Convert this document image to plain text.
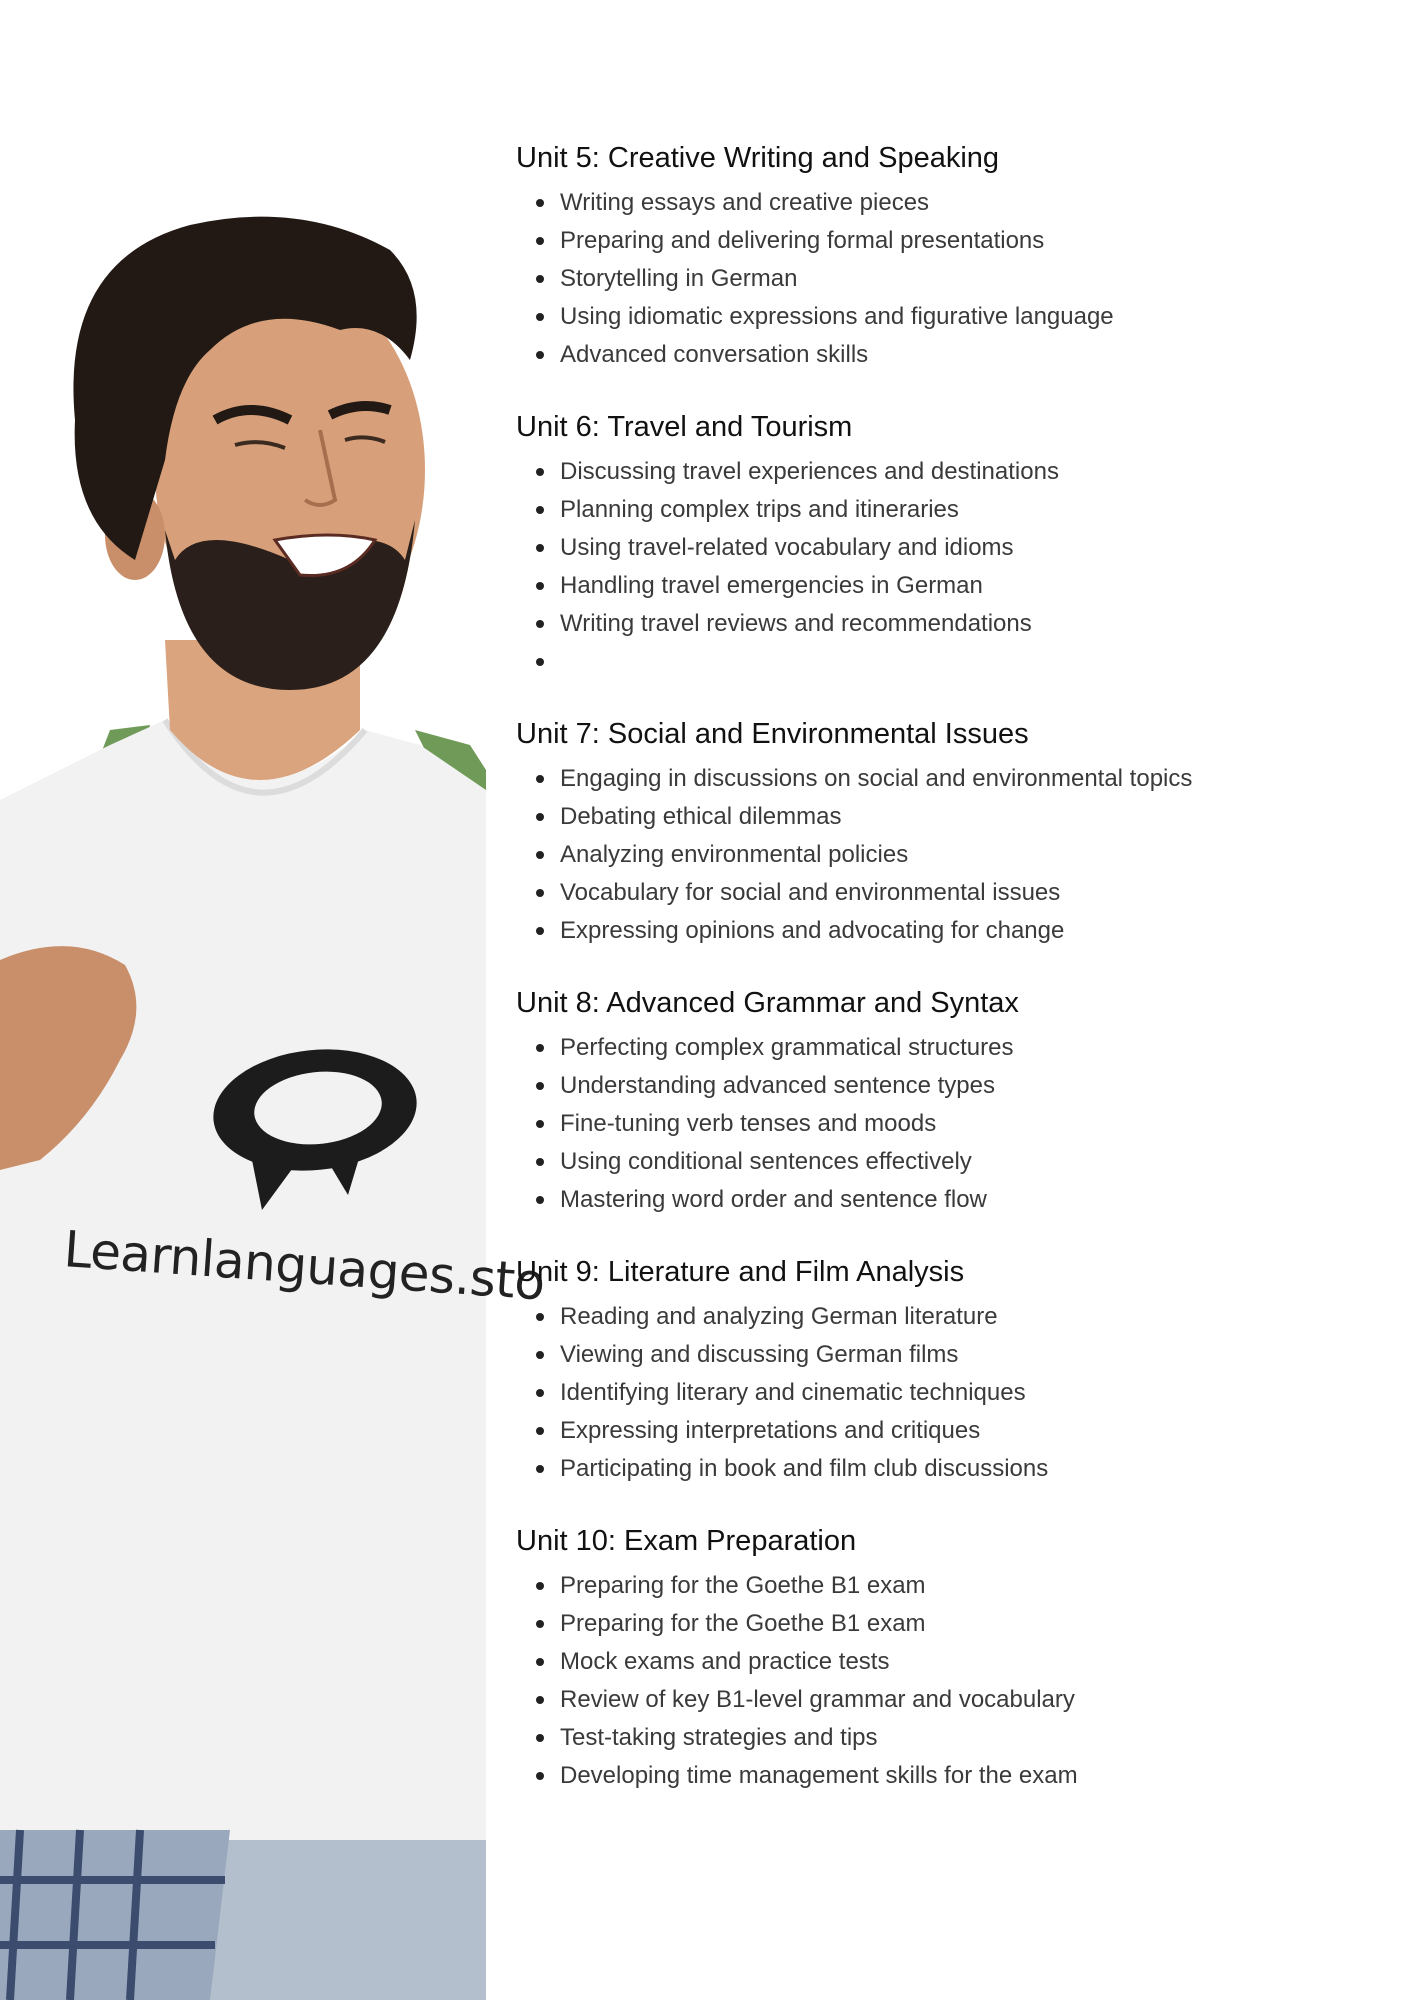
Learnlanguages.sto
Unit 5: Creative Writing and Speaking
Writing essays and creative pieces
Preparing and delivering formal presentations
Storytelling in German
Using idiomatic expressions and figurative language
Advanced conversation skills
Unit 6: Travel and Tourism
Discussing travel experiences and destinations
Planning complex trips and itineraries
Using travel-related vocabulary and idioms
Handling travel emergencies in German
Writing travel reviews and recommendations
Unit 7: Social and Environmental Issues
Engaging in discussions on social and environmental topics
Debating ethical dilemmas
Analyzing environmental policies
Vocabulary for social and environmental issues
Expressing opinions and advocating for change
Unit 8: Advanced Grammar and Syntax
Perfecting complex grammatical structures
Understanding advanced sentence types
Fine-tuning verb tenses and moods
Using conditional sentences effectively
Mastering word order and sentence flow
Unit 9: Literature and Film Analysis
Reading and analyzing German literature
Viewing and discussing German films
Identifying literary and cinematic techniques
Expressing interpretations and critiques
Participating in book and film club discussions
Unit 10: Exam Preparation
Preparing for the Goethe B1 exam
Preparing for the Goethe B1 exam
Mock exams and practice tests
Review of key B1-level grammar and vocabulary
Test-taking strategies and tips
Developing time management skills for the exam
